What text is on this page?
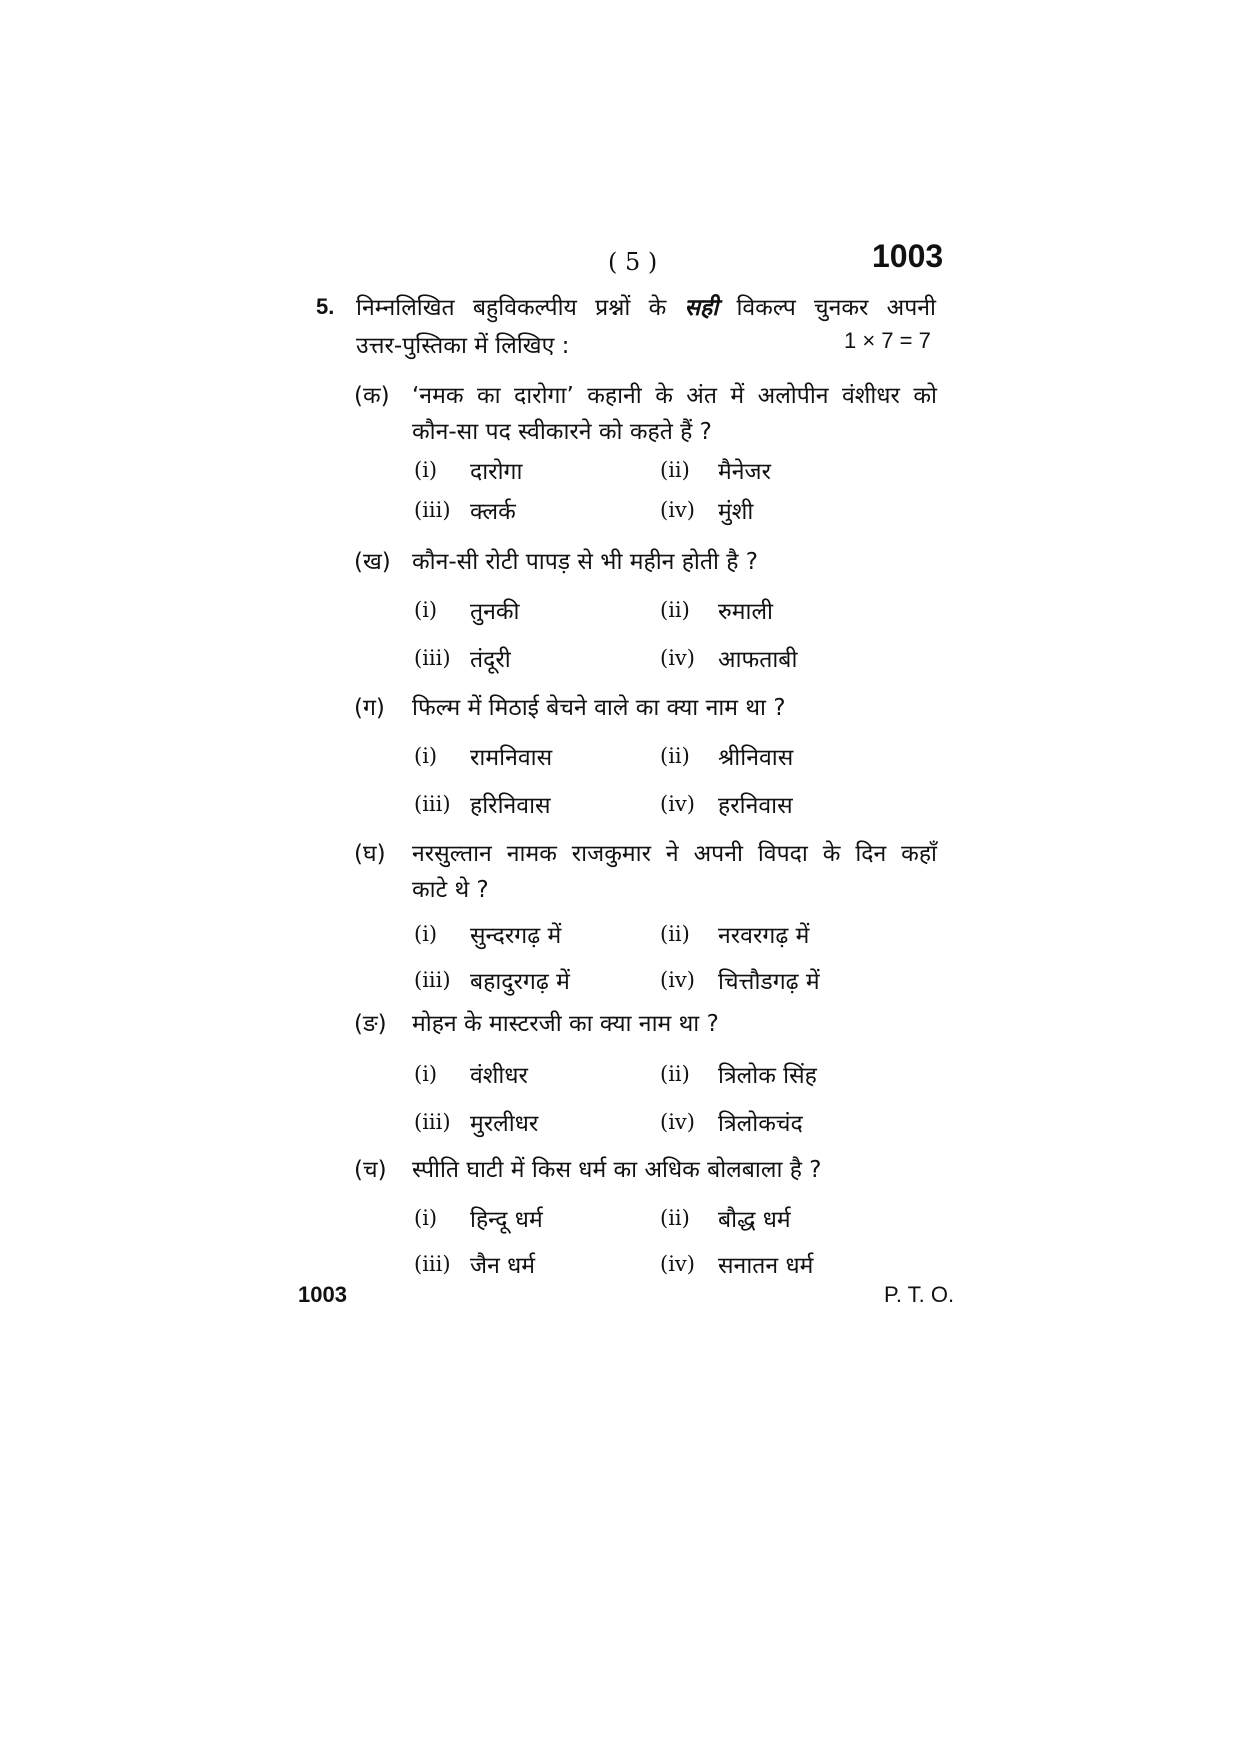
( 5 )	1003
5. निम्नलिखित बहुविकल्पीय प्रश्नों के सही विकल्प चुनकर अपनी
उत्तर-पुस्तिका में लिखिए :	1 × 7 = 7
(क) ‘नमक का दारोगा’ कहानी के अंत में अलोपीन वंशीधर को
कौन-सा पद स्वीकारने को कहते हैं ?
(i) दारोगा	(ii) मैनेजर
(iii) क्लर्क	(iv) मुंशी
(ख) कौन-सी रोटी पापड़ से भी महीन होती है ?
(i) तुनकी	(ii) रुमाली
(iii) तंदूरी	(iv) आफताबी
(ग) फिल्म में मिठाई बेचने वाले का क्या नाम था ?
(i) रामनिवास	(ii) श्रीनिवास
(iii) हरिनिवास	(iv) हरनिवास
(घ) नरसुल्तान नामक राजकुमार ने अपनी विपदा के दिन कहाँ
काटे थे ?
(i) सुन्दरगढ़ में	(ii) नरवरगढ़ में
(iii) बहादुरगढ़ में	(iv) चित्तौडगढ़ में
(ङ) मोहन के मास्टरजी का क्या नाम था ?
(i) वंशीधर	(ii) त्रिलोक सिंह
(iii) मुरलीधर	(iv) त्रिलोकचंद
(च) स्पीति घाटी में किस धर्म का अधिक बोलबाला है ?
(i) हिन्दू धर्म	(ii) बौद्ध धर्म
(iii) जैन धर्म	(iv) सनातन धर्म
1003	P. T. O.
